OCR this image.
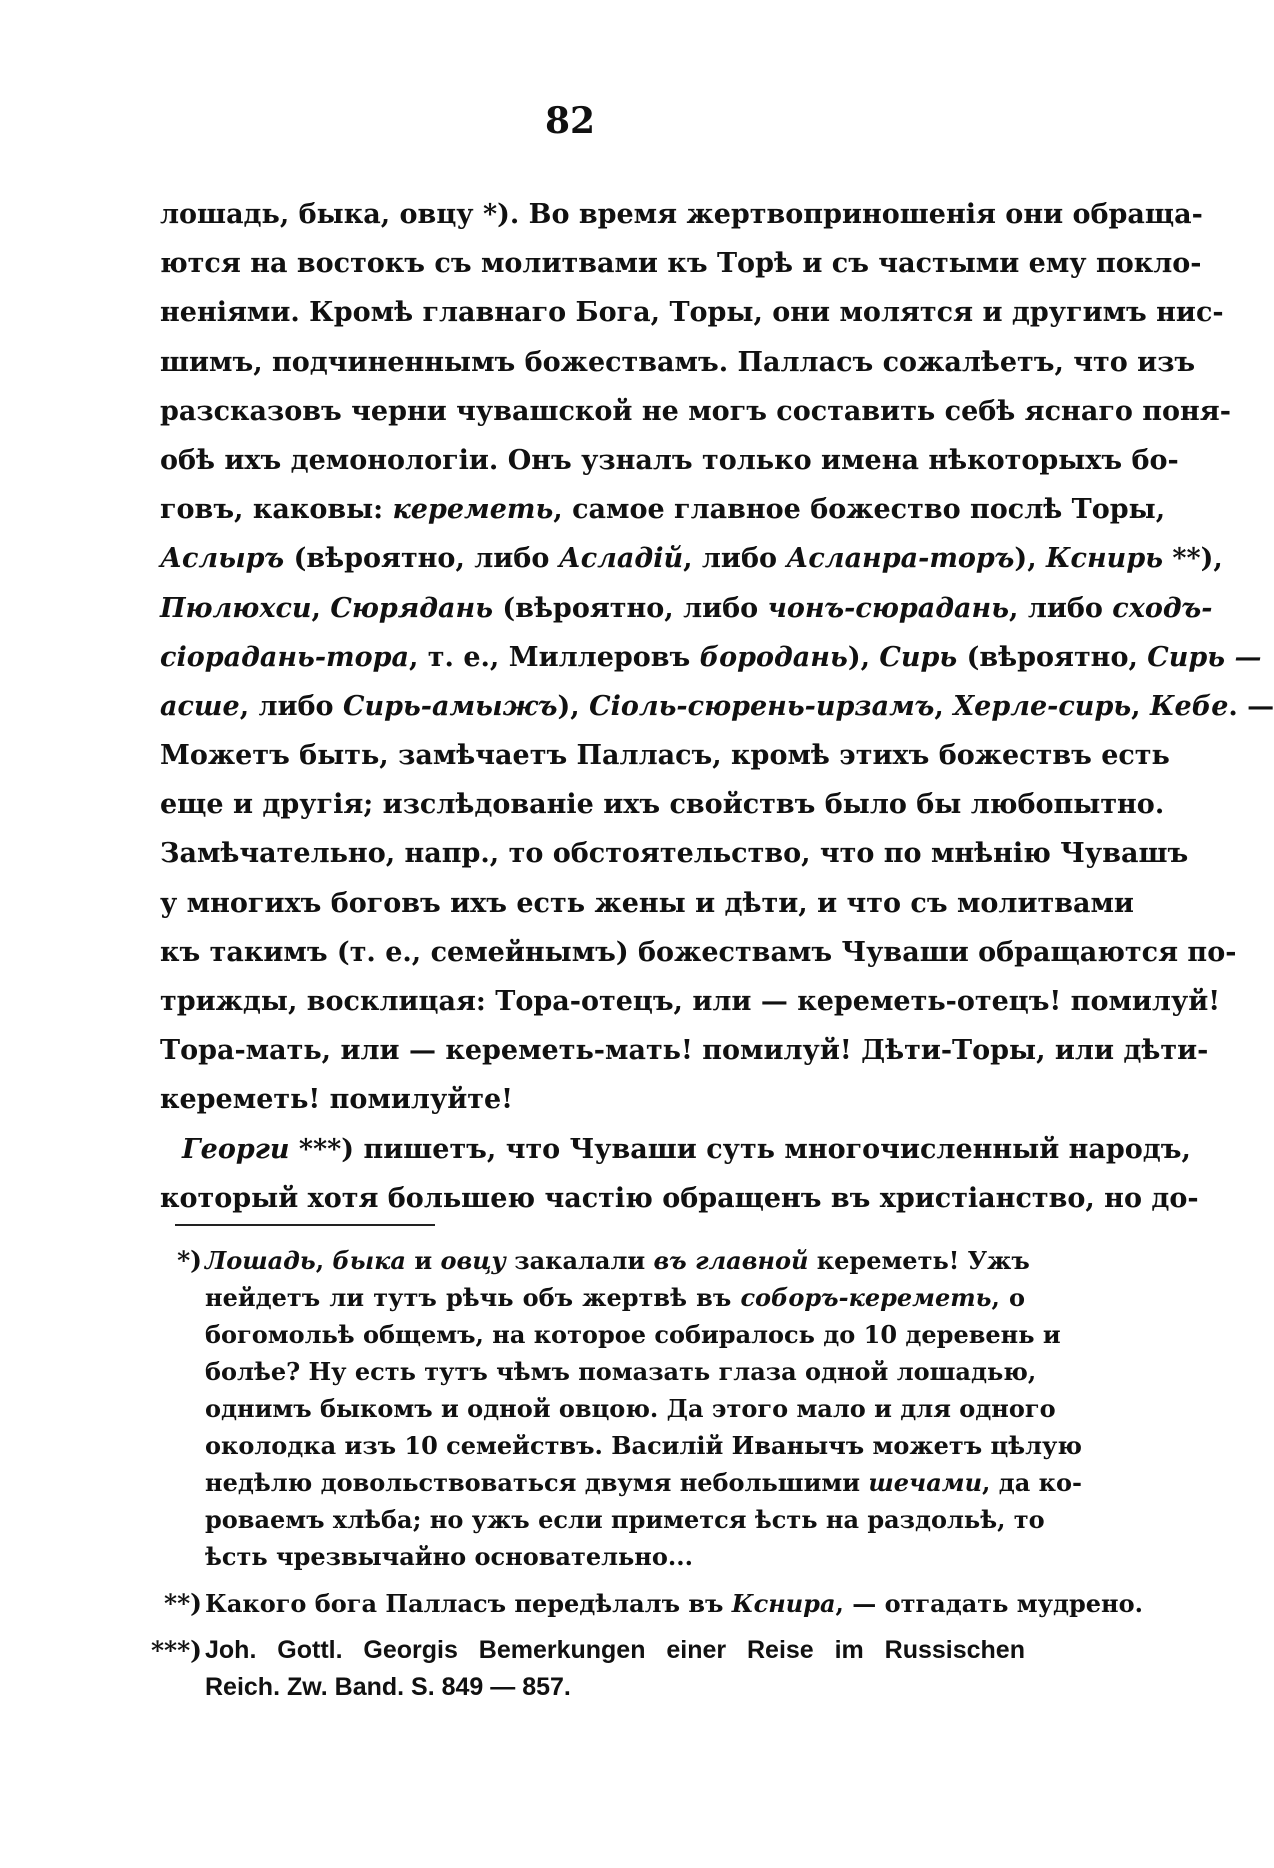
82
лошадь, быка, овцу *). Во время жертвоприношенія они обраща-
ются на востокъ съ молитвами къ Торѣ и съ частыми ему покло-
неніями. Кромѣ главнаго Бога, Торы, они молятся и другимъ нис-
шимъ, подчиненнымъ божествамъ. Палласъ сожалѣетъ, что изъ
разсказовъ черни чувашской не могъ составить себѣ яснаго поня-
обѣ ихъ демонологіи. Онъ узналъ только имена нѣкоторыхъ бо-
говъ, каковы: кереметь, самое главное божество послѣ Торы,
Аслыръ (вѣроятно, либо Асладій, либо Асланра-торъ), Кснирь **),
Пюлюхси, Сюрядань (вѣроятно, либо чонъ-сюрадань, либо сходъ-
сіорадань-тора, т. е., Миллеровъ бородань), Сирь (вѣроятно, Сирь —
асше, либо Сирь-амыжъ), Сіоль-сюрень-ирзамъ, Херле-сирь, Кебе. —
Можетъ быть, замѣчаетъ Палласъ, кромѣ этихъ божествъ есть
еще и другія; изслѣдованіе ихъ свойствъ было бы любопытно.
Замѣчательно, напр., то обстоятельство, что по мнѣнію Чувашъ
у многихъ боговъ ихъ есть жены и дѣти, и что съ молитвами
къ такимъ (т. е., семейнымъ) божествамъ Чуваши обращаются по-
трижды, восклицая: Тора-отецъ, или — кереметь-отецъ! помилуй!
Тора-мать, или — кереметь-мать! помилуй! Дѣти-Торы, или дѣти-
кереметь! помилуйте!
Георги ***) пишетъ, что Чуваши суть многочисленный народъ,
который хотя большею частію обращенъ въ христіанство, но до-
*) Лошадь, быка и овцу закалали въ главной кереметь! Ужъ
нейдетъ ли тутъ рѣчь объ жертвѣ въ соборъ-кереметь, о
богомольѣ общемъ, на которое собиралось до 10 деревень и
болѣе? Ну есть тутъ чѣмъ помазать глаза одной лошадью,
однимъ быкомъ и одной овцою. Да этого мало и для одного
околодка изъ 10 семействъ. Василій Иванычъ можетъ цѣлую
недѣлю довольствоваться двумя небольшими шечами, да ко-
роваемъ хлѣба; но ужъ если примется ѣсть на раздольѣ, то
ѣсть чрезвычайно основательно...
**) Какого бога Палласъ передѣлалъ въ Кснира, — отгадать мудрено.
***) Joh. Gottl. Georgis Bemerkungen einer Reise im Russischen
Reich. Zw. Band. S. 849 — 857.
